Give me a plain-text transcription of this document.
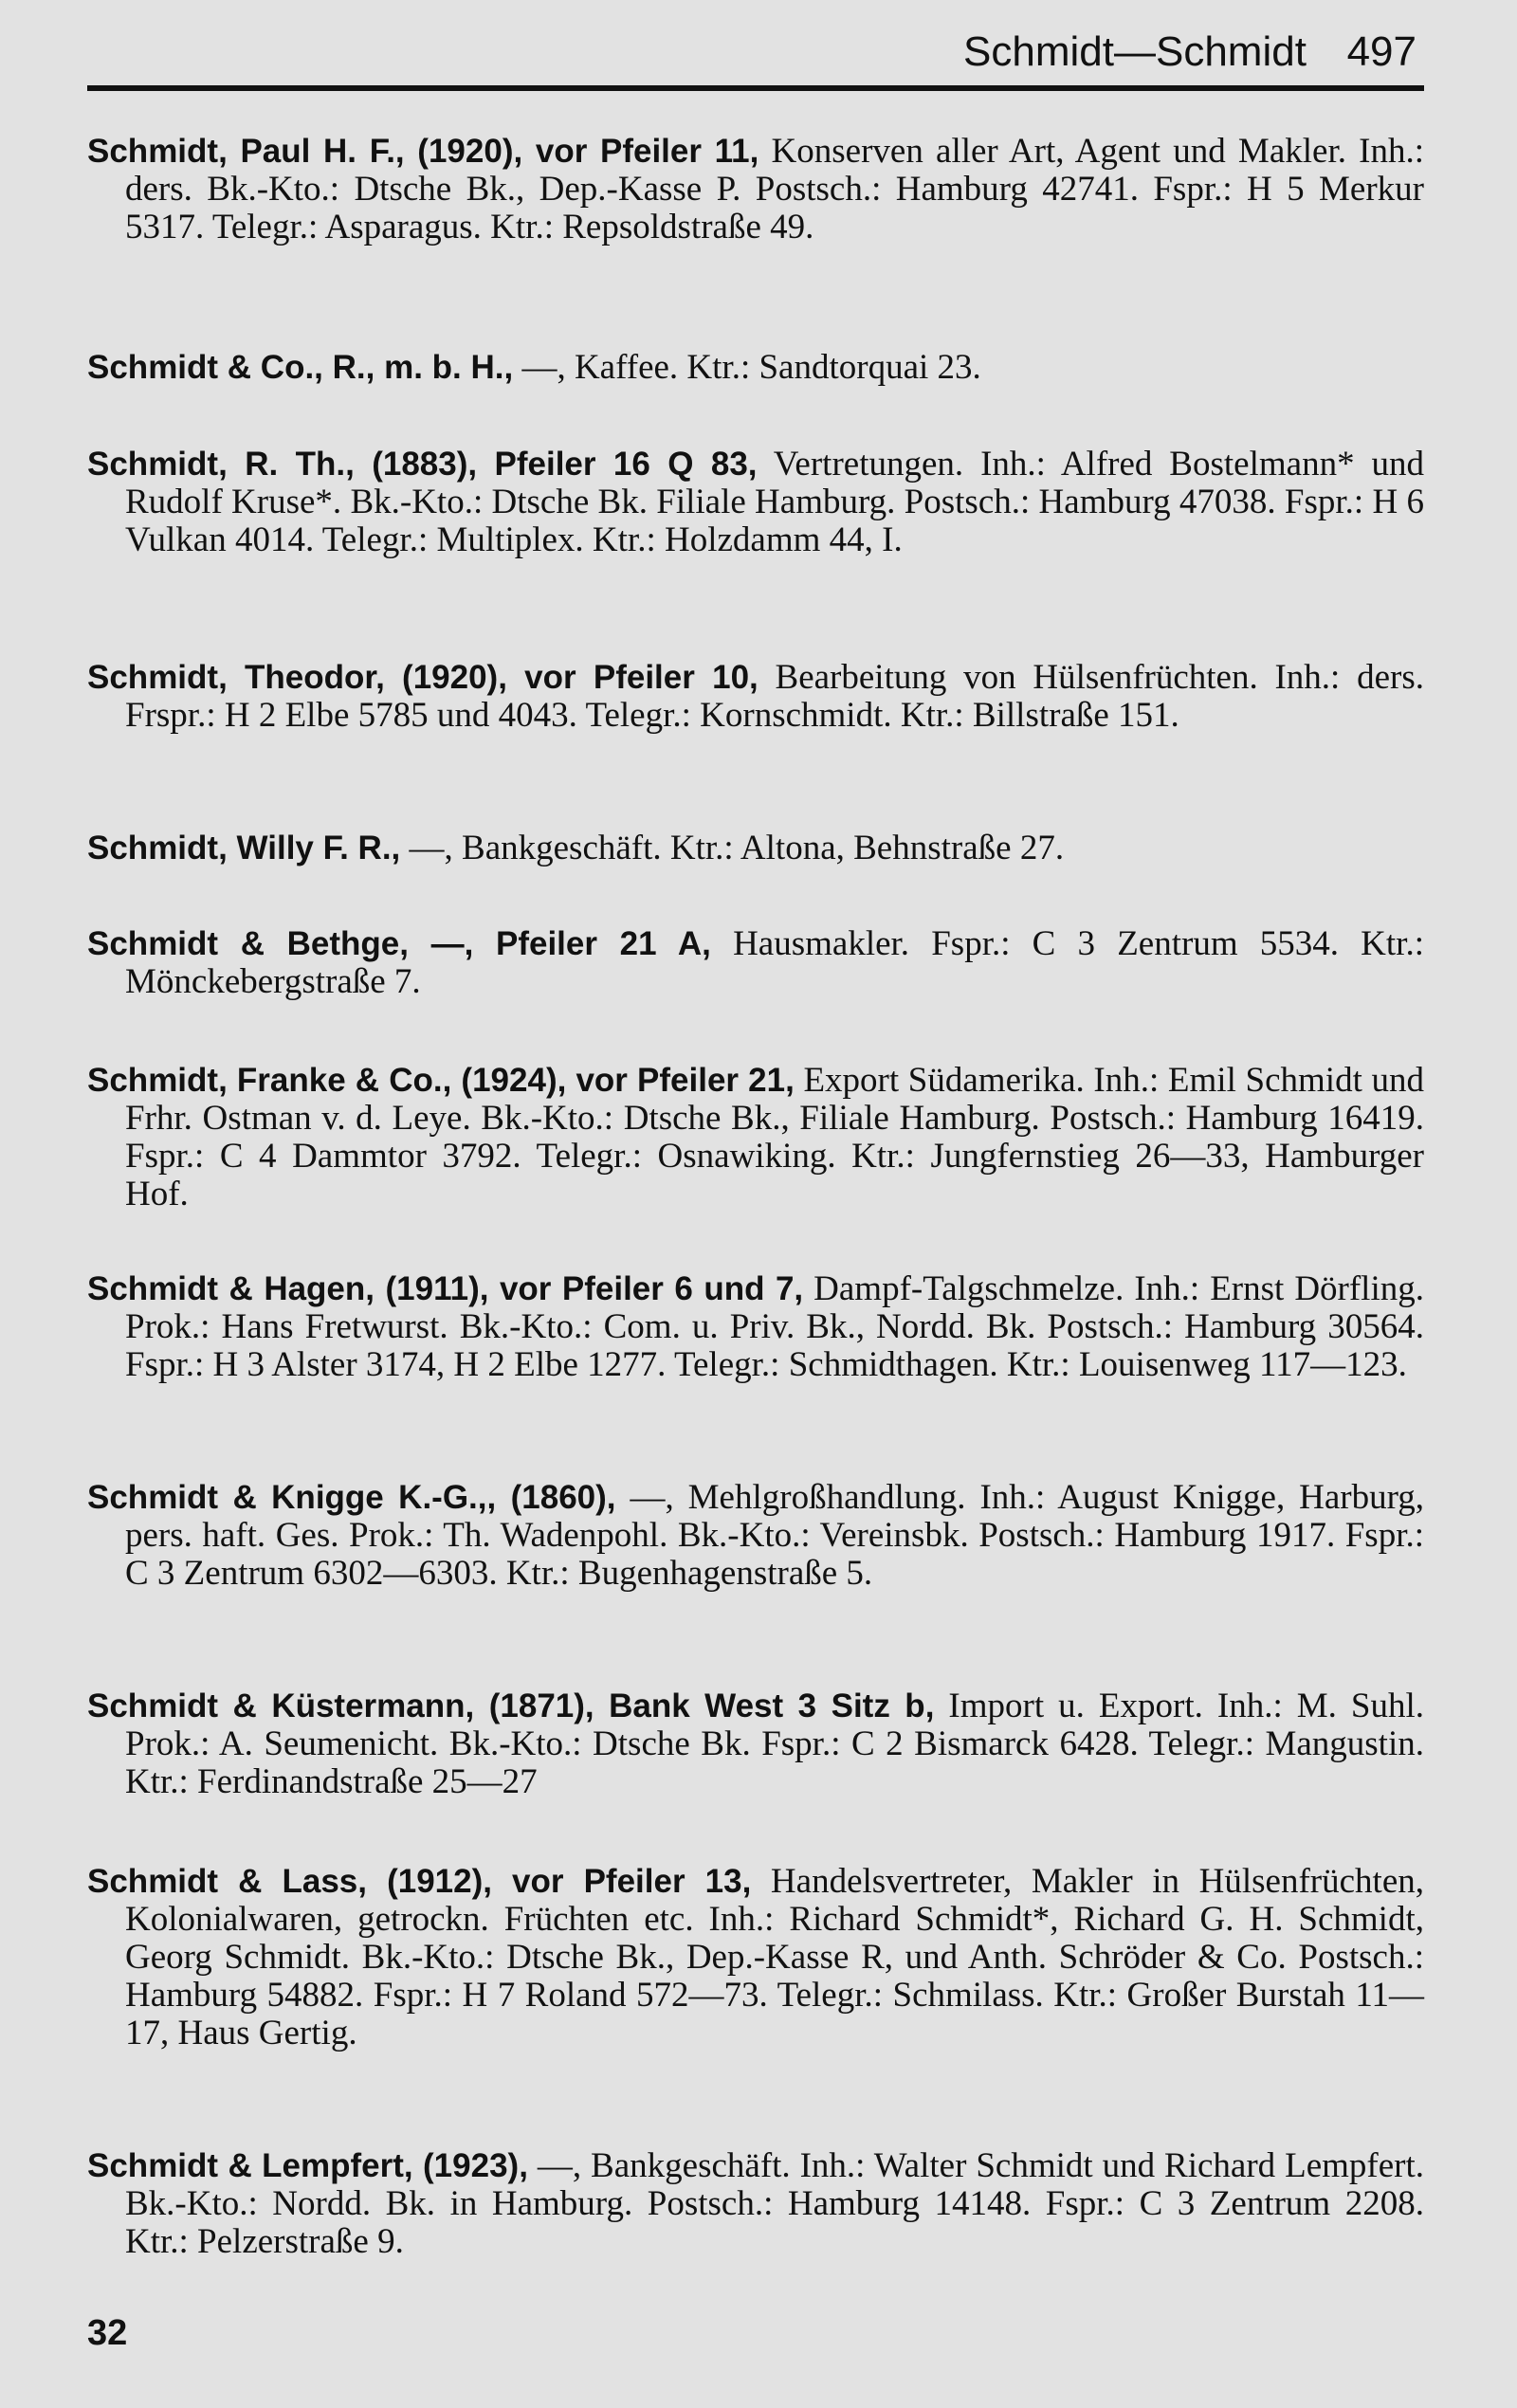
Schmidt—Schmidt 497
Schmidt, Paul H. F., (1920), vor Pfeiler 11, Konserven aller Art, Agent und Makler. Inh.: ders. Bk.-Kto.: Dtsche Bk., Dep.-Kasse P. Postsch.: Hamburg 42741. Fspr.: H 5 Merkur 5317. Telegr.: Asparagus. Ktr.: Repsoldstraße 49.
Schmidt & Co., R., m. b. H., —, Kaffee. Ktr.: Sandtorquai 23.
Schmidt, R. Th., (1883), Pfeiler 16 Q 83, Vertretungen. Inh.: Alfred Bostelmann* und Rudolf Kruse*. Bk.-Kto.: Dtsche Bk. Filiale Hamburg. Postsch.: Hamburg 47038. Fspr.: H 6 Vulkan 4014. Telegr.: Multiplex. Ktr.: Holzdamm 44, I.
Schmidt, Theodor, (1920), vor Pfeiler 10, Bearbeitung von Hülsenfrüchten. Inh.: ders. Frspr.: H 2 Elbe 5785 und 4043. Telegr.: Kornschmidt. Ktr.: Billstraße 151.
Schmidt, Willy F. R., —, Bankgeschäft. Ktr.: Altona, Behnstraße 27.
Schmidt & Bethge, —, Pfeiler 21 A, Hausmakler. Fspr.: C 3 Zentrum 5534. Ktr.: Mönckebergstraße 7.
Schmidt, Franke & Co., (1924), vor Pfeiler 21, Export Südamerika. Inh.: Emil Schmidt und Frhr. Ostman v. d. Leye. Bk.-Kto.: Dtsche Bk., Filiale Hamburg. Postsch.: Hamburg 16419. Fspr.: C 4 Dammtor 3792. Telegr.: Osnawiking. Ktr.: Jungfernstieg 26—33, Hamburger Hof.
Schmidt & Hagen, (1911), vor Pfeiler 6 und 7, Dampf-Talgschmelze. Inh.: Ernst Dörfling. Prok.: Hans Fretwurst. Bk.-Kto.: Com. u. Priv. Bk., Nordd. Bk. Postsch.: Hamburg 30564. Fspr.: H 3 Alster 3174, H 2 Elbe 1277. Telegr.: Schmidthagen. Ktr.: Louisenweg 117—123.
Schmidt & Knigge K.-G.,, (1860), —, Mehlgroßhandlung. Inh.: August Knigge, Harburg, pers. haft. Ges. Prok.: Th. Wadenpohl. Bk.-Kto.: Vereinsbk. Postsch.: Hamburg 1917. Fspr.: C 3 Zentrum 6302—6303. Ktr.: Bugenhagenstraße 5.
Schmidt & Küstermann, (1871), Bank West 3 Sitz b, Import u. Export. Inh.: M. Suhl. Prok.: A. Seumenicht. Bk.-Kto.: Dtsche Bk. Fspr.: C 2 Bismarck 6428. Telegr.: Mangustin. Ktr.: Ferdinandstraße 25—27
Schmidt & Lass, (1912), vor Pfeiler 13, Handelsvertreter, Makler in Hülsenfrüchten, Kolonialwaren, getrockn. Früchten etc. Inh.: Richard Schmidt*, Richard G. H. Schmidt, Georg Schmidt. Bk.-Kto.: Dtsche Bk., Dep.-Kasse R, und Anth. Schröder & Co. Postsch.: Hamburg 54882. Fspr.: H 7 Roland 572—73. Telegr.: Schmilass. Ktr.: Großer Burstah 11—17, Haus Gertig.
Schmidt & Lempfert, (1923), —, Bankgeschäft. Inh.: Walter Schmidt und Richard Lempfert. Bk.-Kto.: Nordd. Bk. in Hamburg. Postsch.: Hamburg 14148. Fspr.: C 3 Zentrum 2208. Ktr.: Pelzerstraße 9.
32
